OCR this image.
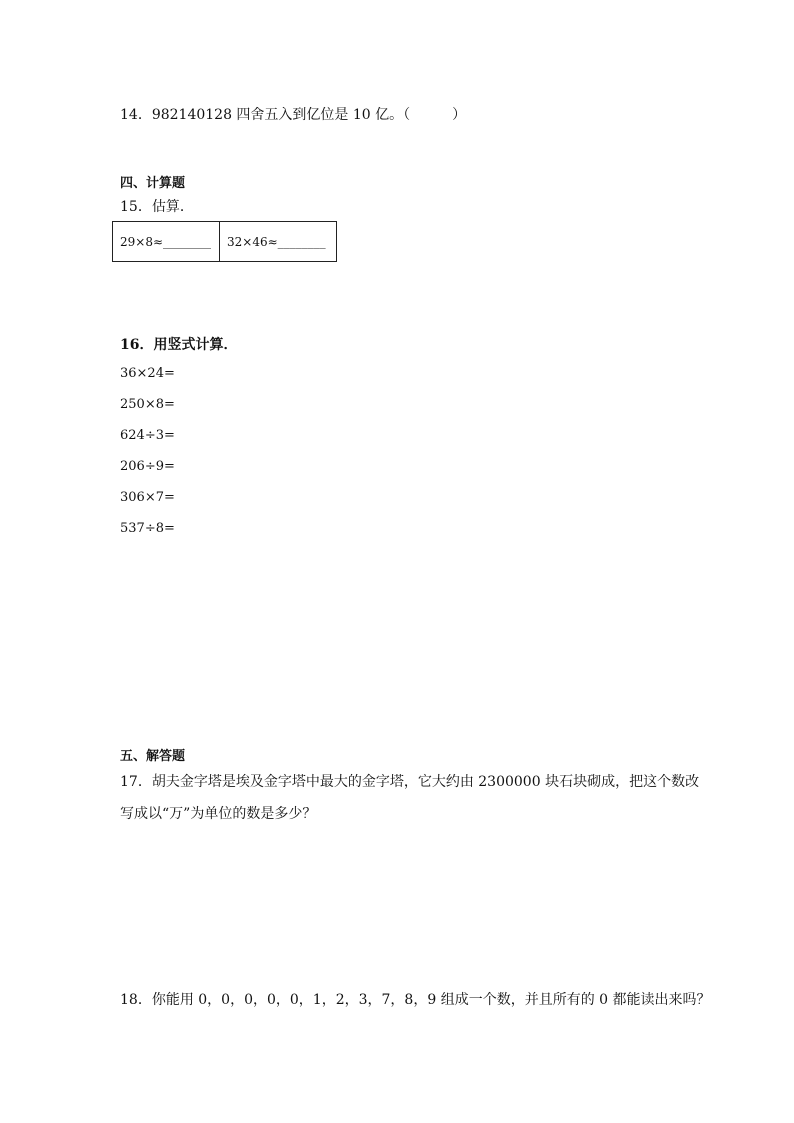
14．982140128 四舍五入到亿位是 10 亿。（　　　）
四、计算题
15．估算．
29×8≈________	32×46≈________
16．用竖式计算．
36×24=
250×8=
624÷3=
206÷9=
306×7=
537÷8=
五、解答题
17．胡夫金字塔是埃及金字塔中最大的金字塔，它大约由 2300000 块石块砌成，把这个数改
写成以“万”为单位的数是多少？
18．你能用 0，0，0，0，0，1，2，3，7，8，9 组成一个数，并且所有的 0 都能读出来吗？
